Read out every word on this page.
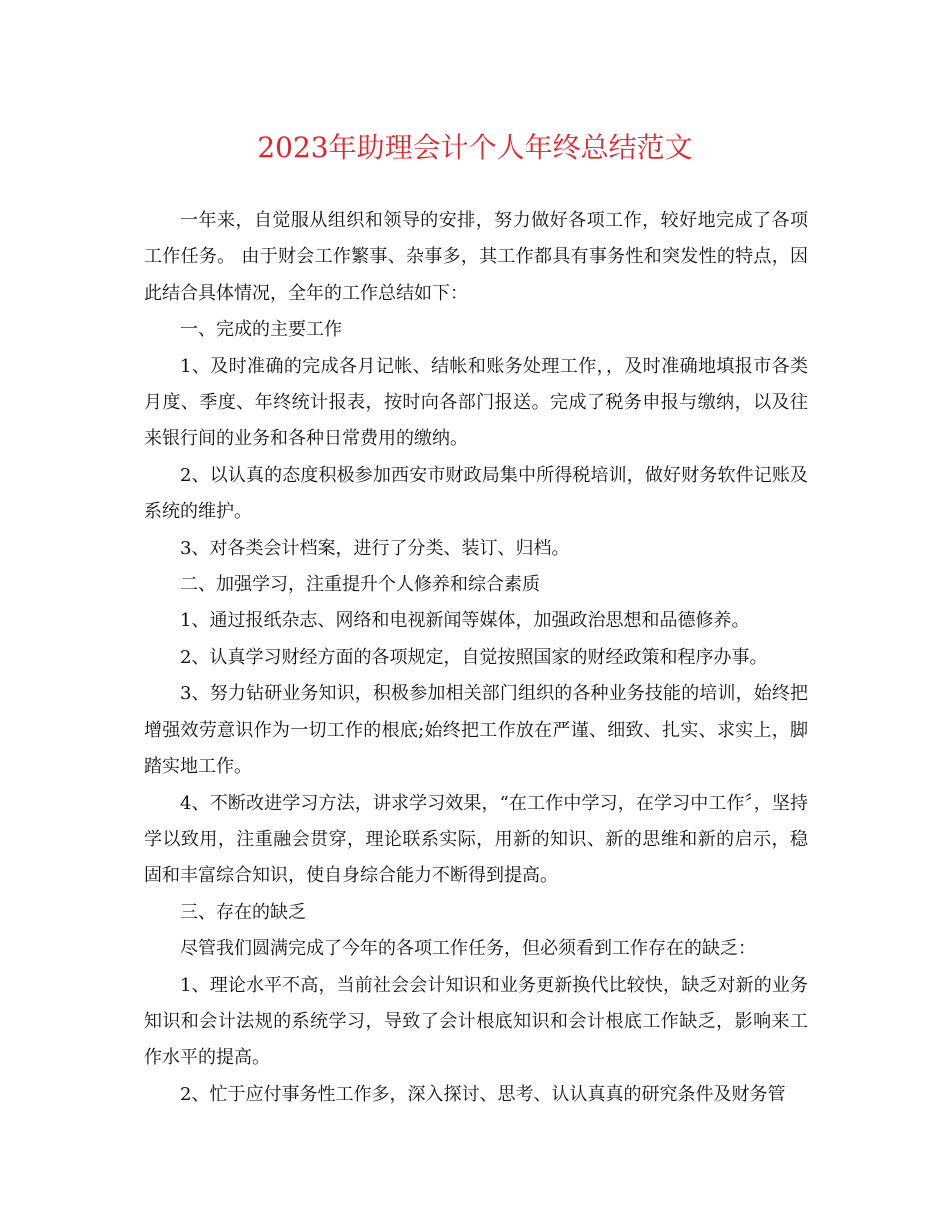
2023年助理会计个人年终总结范文

一年来，自觉服从组织和领导的安排，努力做好各项工作，较好地完成了各项工作任务。 由于财会工作繁事、杂事多，其工作都具有事务性和突发性的特点，因此结合具体情况，全年的工作总结如下：

一、完成的主要工作

1、及时准确的完成各月记帐、结帐和账务处理工作，，及时准确地填报市各类月度、季度、年终统计报表，按时向各部门报送。完成了税务申报与缴纳，以及往来银行间的业务和各种日常费用的缴纳。

2、以认真的态度积极参加西安市财政局集中所得税培训，做好财务软件记账及系统的维护。

3、对各类会计档案，进行了分类、装订、归档。

二、加强学习，注重提升个人修养和综合素质

1、通过报纸杂志、网络和电视新闻等媒体，加强政治思想和品德修养。

2、认真学习财经方面的各项规定，自觉按照国家的财经政策和程序办事。

3、努力钻研业务知识，积极参加相关部门组织的各种业务技能的培训，始终把增强效劳意识作为一切工作的根底;始终把工作放在严谨、细致、扎实、求实上，脚踏实地工作。

4、不断改进学习方法，讲求学习效果，“在工作中学习，在学习中工作〞，坚持学以致用，注重融会贯穿，理论联系实际，用新的知识、新的思维和新的启示，稳固和丰富综合知识，使自身综合能力不断得到提高。

三、存在的缺乏

尽管我们圆满完成了今年的各项工作任务，但必须看到工作存在的缺乏：

1、理论水平不高，当前社会会计知识和业务更新换代比较快，缺乏对新的业务知识和会计法规的系统学习，导致了会计根底知识和会计根底工作缺乏，影响来工作水平的提高。

2、忙于应付事务性工作多，深入探讨、思考、认认真真的研究条件及财务管
